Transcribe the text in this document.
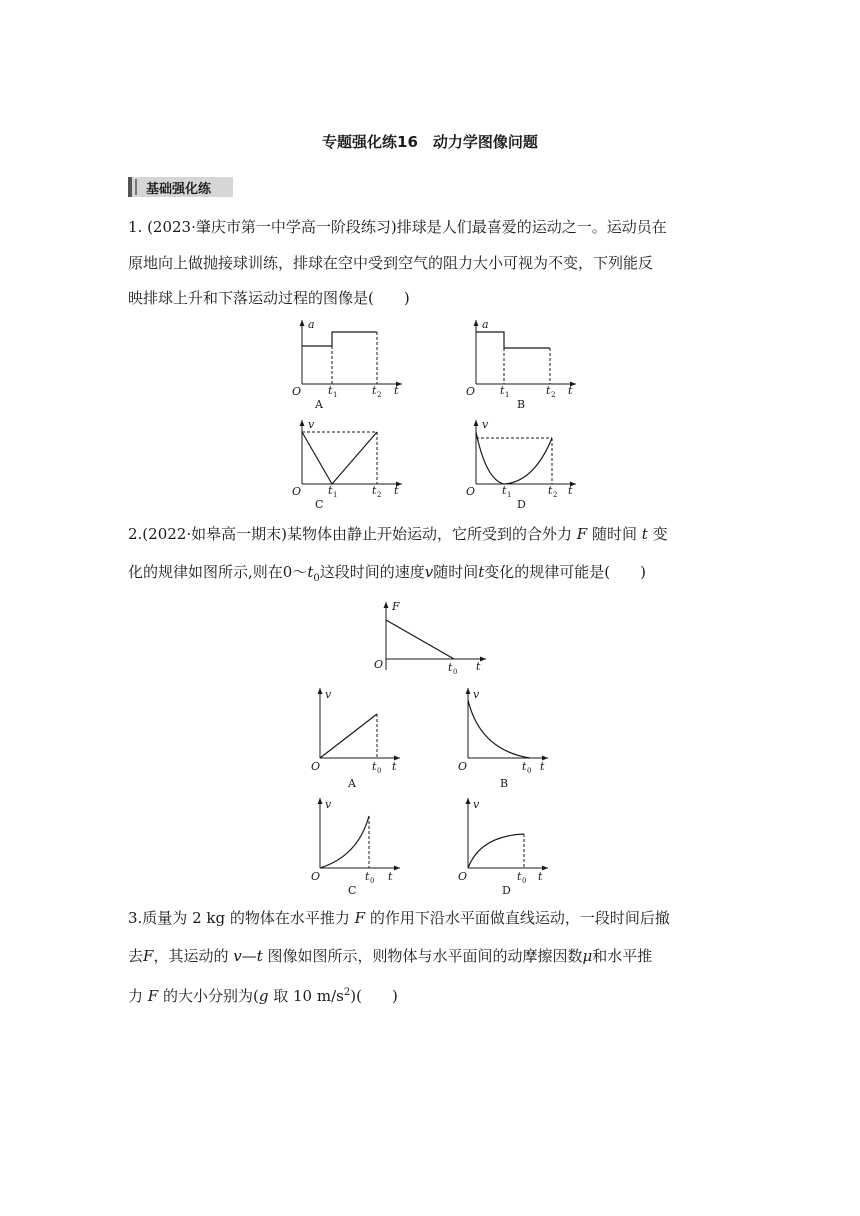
专题强化练16　动力学图像问题
基础强化练
1. (2023·肇庆市第一中学高一阶段练习)排球是人们最喜爱的运动之一。运动员在
原地向上做抛接球训练，排球在空中受到空气的阻力大小可视为不变，下列能反
映排球上升和下落运动过程的图像是(　　)
a
O t 1	t 2 t
A
a
O t 1	t 2 t
B
v
O t 1	t 2 t
C
v
O t 1	t 2 t
D
2.(2022·如皋高一期末)某物体由静止开始运动，它所受到的合外力 F 随时间 t 变
化的规律如图所示,则在$0\sim t_0$这段时间的速度v随时间t变化的规律可能是(　　)
F
O	t 0 t
v
O	t 0 t
A
v
O	t 0 t
B
v
O	t 0 t
C
v
O	t 0 t
D
3.质量为 2 kg 的物体在水平推力 F 的作用下沿水平面做直线运动，一段时间后撤
去F，其运动的 v—t 图像如图所示，则物体与水平面间的动摩擦因数μ和水平推
力 F 的大小分别为(g 取 10 $m/s^2$)(　　)
